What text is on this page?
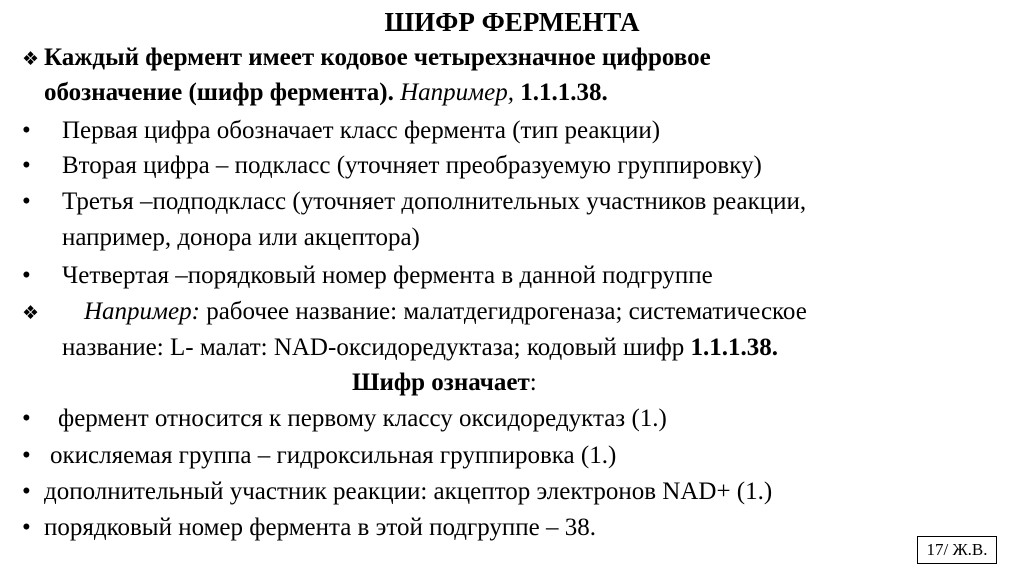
ШИФР ФЕРМЕНТА
❖ Каждый фермент имеет кодовое четырехзначное цифровое
обозначение (шифр фермента). Например, 1.1.1.38.
• Первая цифра обозначает класс фермента (тип реакции)
• Вторая цифра – подкласс (уточняет преобразуемую группировку)
• Третья –подподкласс (уточняет дополнительных участников реакции,
например, донора или акцептора)
• Четвертая –порядковый номер фермента в данной подгруппе
❖ Например: рабочее название: малатдегидрогеназа; систематическое
название: L- малат: NAD-оксидоредуктаза; кодовый шифр 1.1.1.38.
Шифр означает:
• фермент относится к первому классу оксидоредуктаз (1.)
• окисляемая группа – гидроксильная группировка (1.)
• дополнительный участник реакции: акцептор электронов NAD+ (1.)
• порядковый номер фермента в этой подгруппе – 38.
17/ Ж.В.
